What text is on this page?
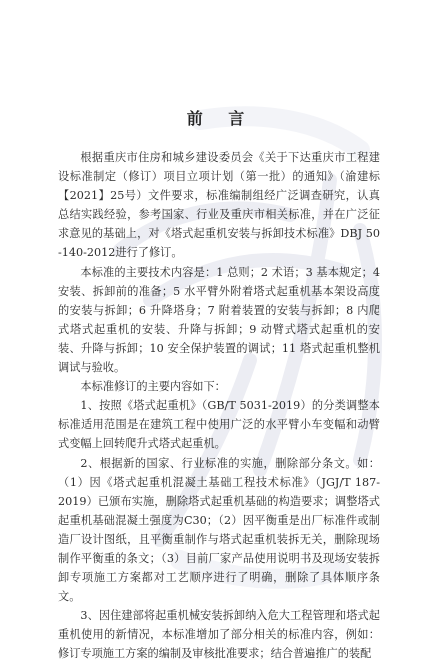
前 言

根据重庆市住房和城乡建设委员会《关于下达重庆市工程建设标准制定（修订）项目立项计划（第一批）的通知》（渝建标【2021】25号）文件要求，标准编制组经广泛调查研究，认真总结实践经验，参考国家、行业及重庆市相关标准，并在广泛征求意见的基础上，对《塔式起重机安装与拆卸技术标准》DBJ 50 -140-2012进行了修订。

本标准的主要技术内容是：1 总则；2 术语；3 基本规定；4 安装、拆卸前的准备；5 水平臂外附着塔式起重机基本架设高度的安装与拆卸；6 升降塔身；7 附着装置的安装与拆卸；8 内爬式塔式起重机的安装、升降与拆卸；9 动臂式塔式起重机的安装、升降与拆卸；10 安全保护装置的调试；11 塔式起重机整机调试与验收。

本标准修订的主要内容如下：

1、按照《塔式起重机》（GB/T 5031-2019）的分类调整本标准适用范围是在建筑工程中使用广泛的水平臂小车变幅和动臂式变幅上回转爬升式塔式起重机。

2、根据新的国家、行业标准的实施，删除部分条文。如：（1）因《塔式起重机混凝土基础工程技术标准》（JGJ/T 187-2019）已颁布实施，删除塔式起重机基础的构造要求；调整塔式起重机基础混凝土强度为C30；（2）因平衡重是出厂标准件或制造厂设计图纸，且平衡重制作与塔式起重机装拆无关，删除现场制作平衡重的条文；（3）目前厂家产品使用说明书及现场安装拆卸专项施工方案都对工艺顺序进行了明确，删除了具体顺序条文。

3、因住建部将起重机械安装拆卸纳入危大工程管理和塔式起重机使用的新情况，本标准增加了部分相关的标准内容，例如：修订专项施工方案的编制及审核批准要求；结合普遍推广的装配
